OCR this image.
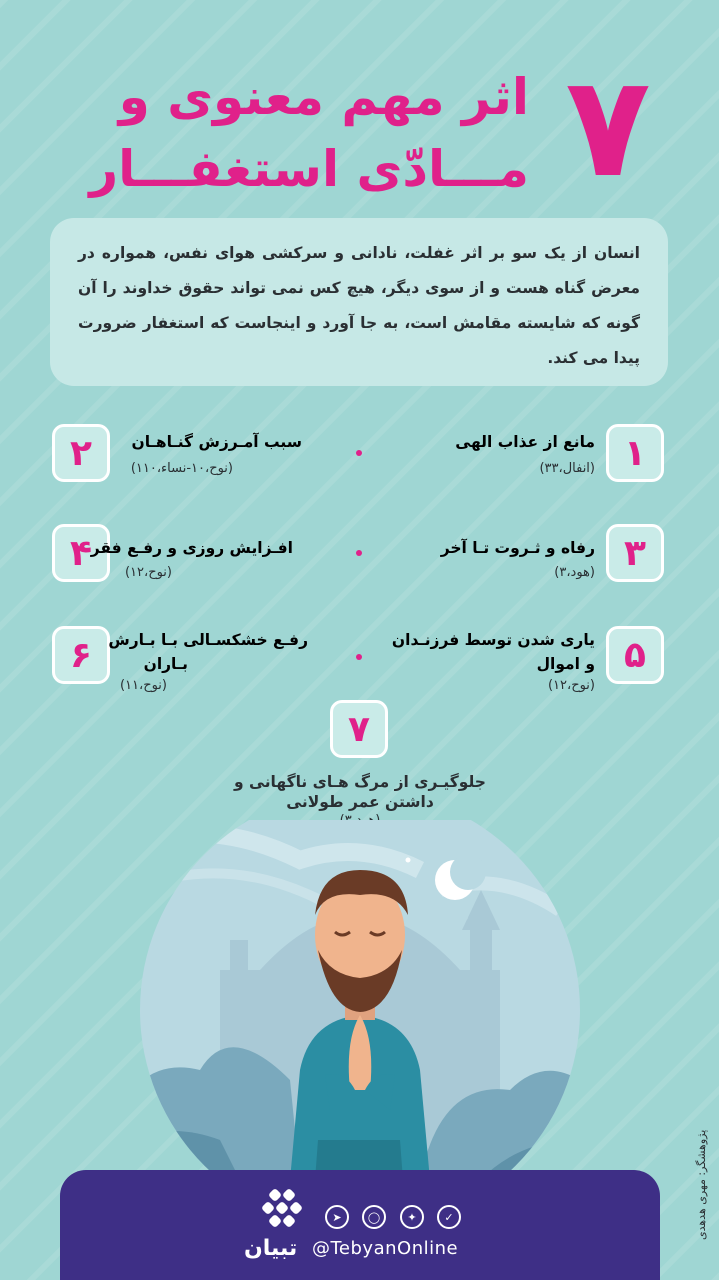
۷
اثر مهم معنوی و
مـــادّی استغفـــار
انسان از یک سو بر اثر غفلت، نادانی و سرکشی هوای نفس، همواره در معرض گناه هست و از سوی دیگر، هیچ کس نمی تواند حقوق خداوند را آن گونه که شایسته مقامش است، به جا آورد و اینجاست که استغفار ضرورت پیدا می کند.
۱
مانع از عذاب الهی
(انفال،۳۳)
۲	سبب آمـرزش گنـاهـان
(نوح،۱۰-نساء،۱۱۰)
۳
رفاه و ثـروت تـا آخر
(هود،۳)
۴
افـزایش روزی و رفـع فقر
(نوح،۱۲)
۵
یاری شدن توسط فرزنـدان
و اموال
(نوح،۱۲)
۶	رفـع خشکسـالی بـا بـارش
بـاران
(نوح،۱۱)
۷
جلوگیـری از مرگ هـای ناگهانی و
داشتن عمر طولانی
تبیان
➤	◯	✦	✓
@TebyanOnline
پژوهشگر: مهری هدهدی
